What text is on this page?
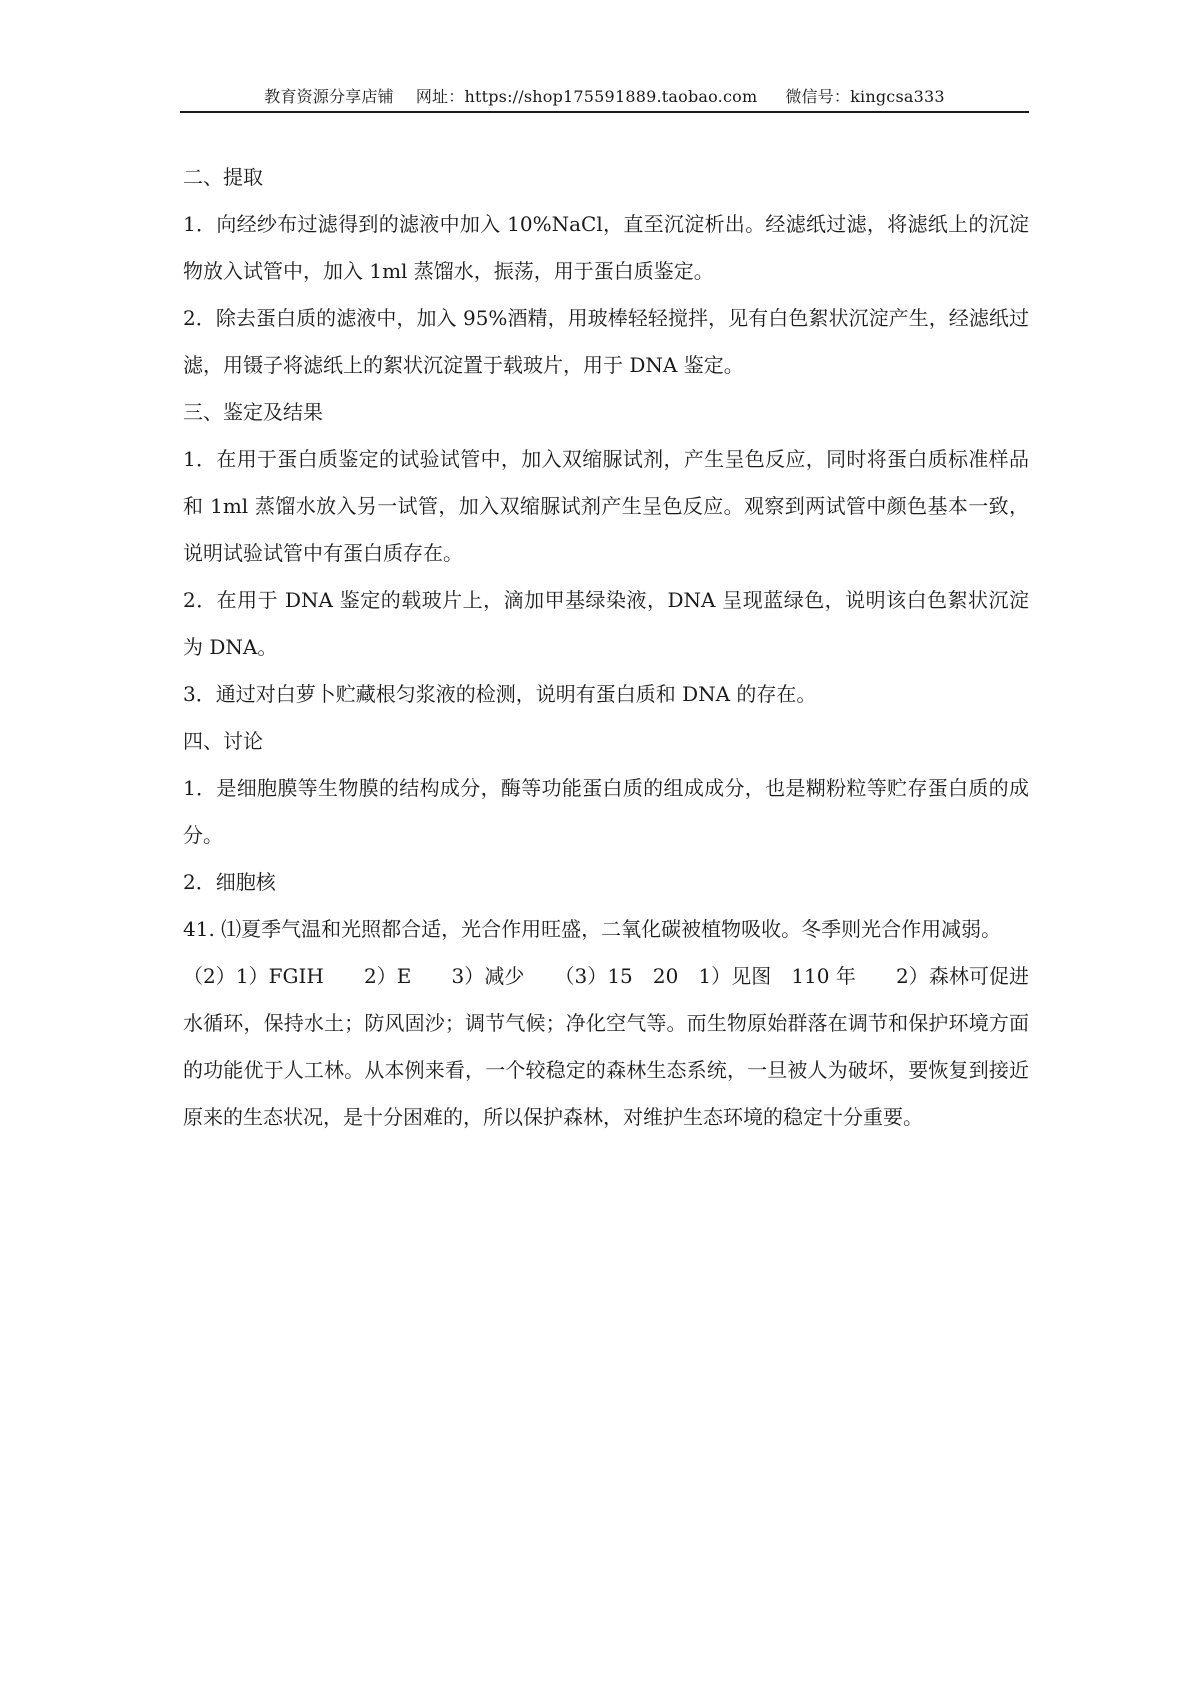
教育资源分享店铺 网址：https://shop175591889.taobao.com 微信号：kingcsa333

二、提取

1．向经纱布过滤得到的滤液中加入 10%NaCl，直至沉淀析出。经滤纸过滤，将滤纸上的沉淀物放入试管中，加入 1ml 蒸馏水，振荡，用于蛋白质鉴定。

2．除去蛋白质的滤液中，加入 95%酒精，用玻棒轻轻搅拌，见有白色絮状沉淀产生，经滤纸过滤，用镊子将滤纸上的絮状沉淀置于载玻片，用于 DNA 鉴定。

三、鉴定及结果

1．在用于蛋白质鉴定的试验试管中，加入双缩脲试剂，产生呈色反应，同时将蛋白质标准样品和 1ml 蒸馏水放入另一试管，加入双缩脲试剂产生呈色反应。观察到两试管中颜色基本一致，说明试验试管中有蛋白质存在。

2．在用于 DNA 鉴定的载玻片上，滴加甲基绿染液，DNA 呈现蓝绿色，说明该白色絮状沉淀为 DNA。

3．通过对白萝卜贮藏根匀浆液的检测，说明有蛋白质和 DNA 的存在。

四、讨论

1．是细胞膜等生物膜的结构成分，酶等功能蛋白质的组成成分，也是糊粉粒等贮存蛋白质的成分。

2．细胞核

41. ⑴夏季气温和光照都合适，光合作用旺盛，二氧化碳被植物吸收。冬季则光合作用减弱。

（2）1）FGIH　　2）E　　3）减少　　（3）15　20　1）见图　110 年　　2）森林可促进水循环，保持水土；防风固沙；调节气候；净化空气等。而生物原始群落在调节和保护环境方面的功能优于人工林。从本例来看，一个较稳定的森林生态系统，一旦被人为破坏，要恢复到接近原来的生态状况，是十分困难的，所以保护森林，对维护生态环境的稳定十分重要。
